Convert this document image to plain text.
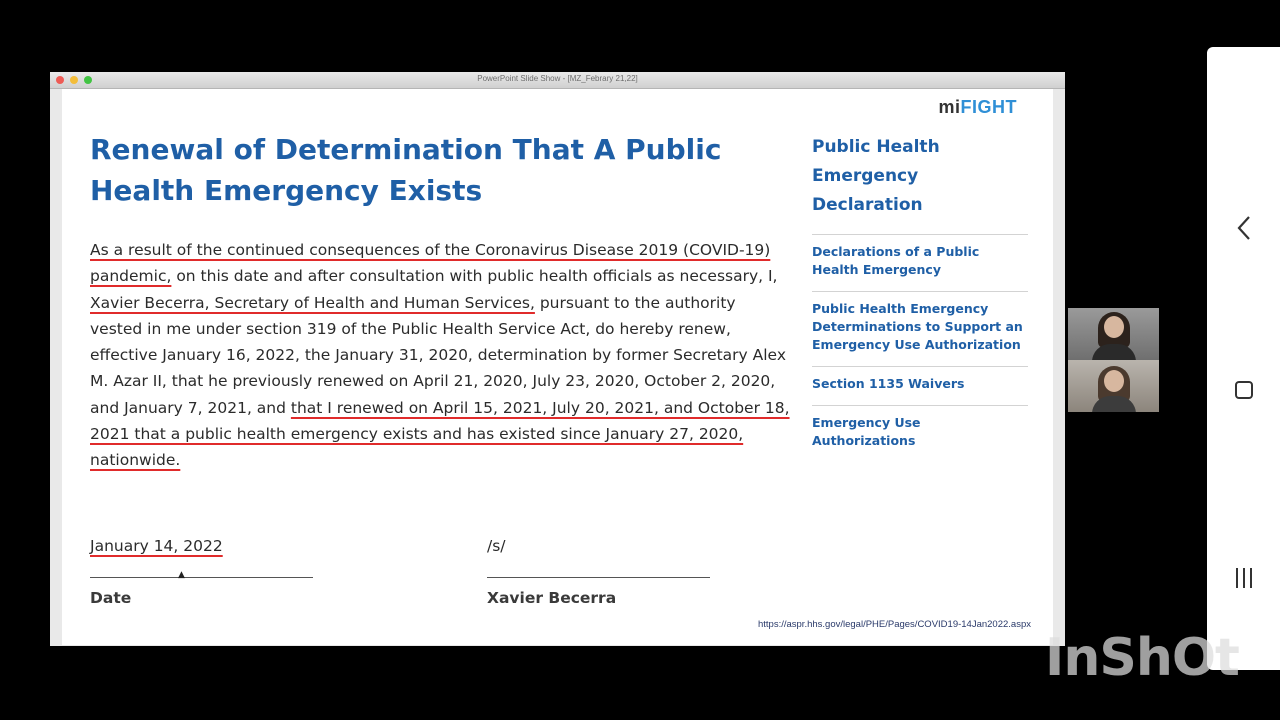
PowerPoint Slide Show - [MZ_Febrary 21,22]
miFIGHT
Renewal of Determination That A Public Health Emergency Exists
As a result of the continued consequences of the Coronavirus Disease 2019 (COVID-19) pandemic, on this date and after consultation with public health officials as necessary, I, Xavier Becerra, Secretary of Health and Human Services, pursuant to the authority vested in me under section 319 of the Public Health Service Act, do hereby renew, effective January 16, 2022, the January 31, 2020, determination by former Secretary Alex M. Azar II, that he previously renewed on April 21, 2020, July 23, 2020, October 2, 2020, and January 7, 2021, and that I renewed on April 15, 2021, July 20, 2021, and October 18, 2021 that a public health emergency exists and has existed since January 27, 2020, nationwide.
January 14, 2022	/s/
Date	Xavier Becerra
▲
https://aspr.hhs.gov/legal/PHE/Pages/COVID19-14Jan2022.aspx
Public Health Emergency Declaration
Declarations of a Public Health Emergency
Public Health Emergency Determinations to Support an Emergency Use Authorization
Section 1135 Waivers
Emergency Use Authorizations
InShOt
